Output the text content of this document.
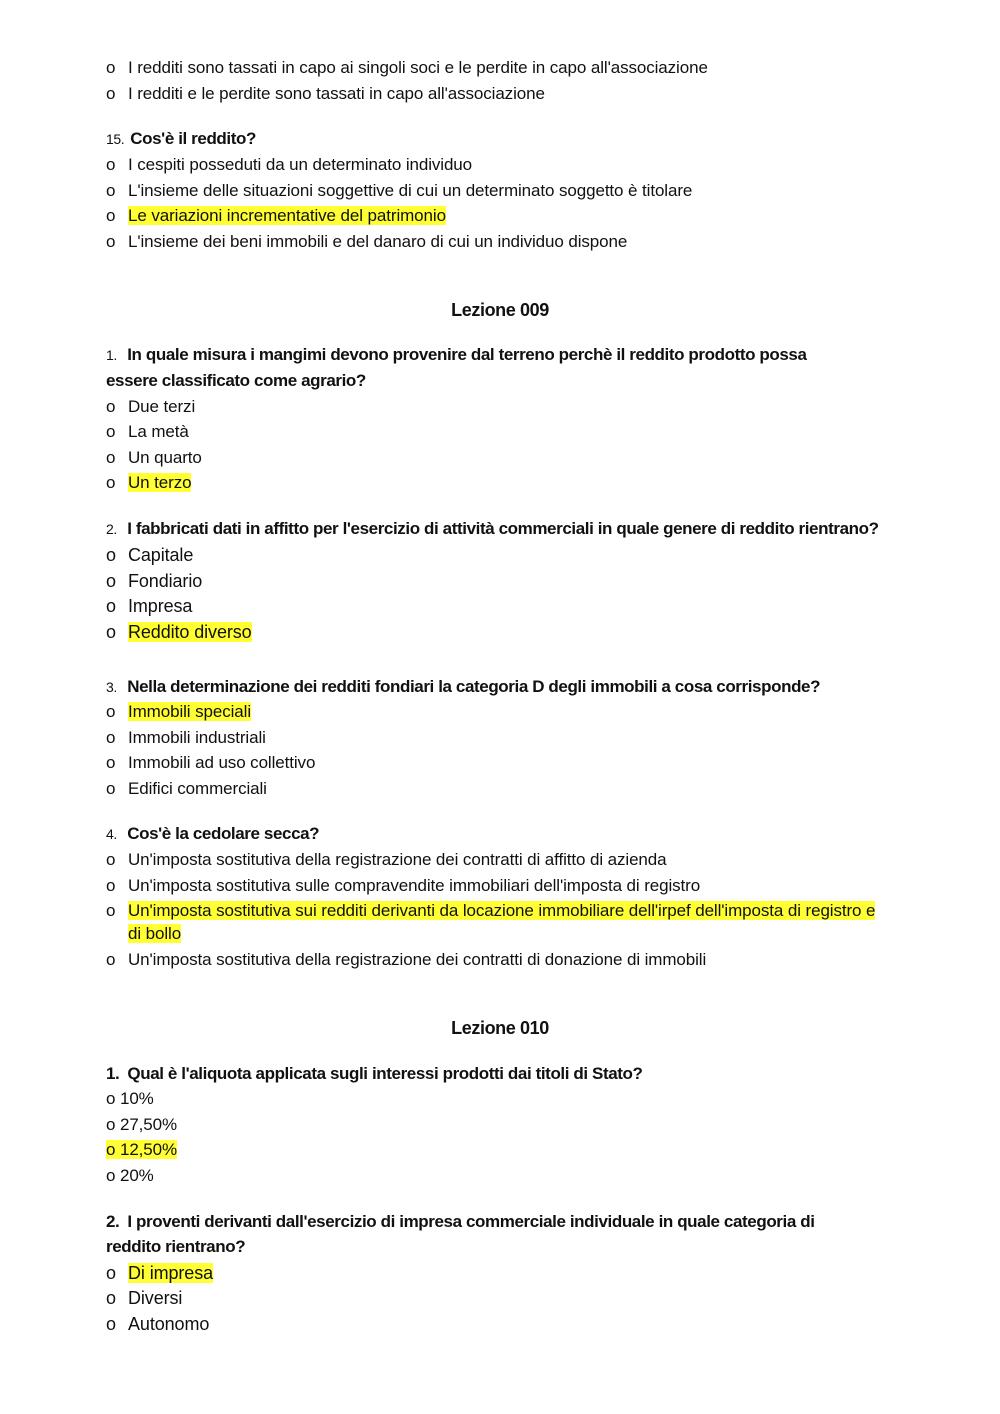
o I redditi sono tassati in capo ai singoli soci e le perdite in capo all'associazione
o I redditi e le perdite sono tassati in capo all'associazione
15. Cos'è il reddito?
o I cespiti posseduti da un determinato individuo
o L'insieme delle situazioni soggettive di cui un determinato soggetto è titolare
o Le variazioni incrementative del patrimonio
o L'insieme dei beni immobili e del danaro di cui un individuo dispone
Lezione 009
1. In quale misura i mangimi devono provenire dal terreno perchè il reddito prodotto possa
essere classificato come agrario?
o Due terzi
o La metà
o Un quarto
o Un terzo
2. I fabbricati dati in affitto per l'esercizio di attività commerciali in quale genere di reddito rientrano?
o Capitale
o Fondiario
o Impresa
o Reddito diverso
3. Nella determinazione dei redditi fondiari la categoria D degli immobili a cosa corrisponde?
o Immobili speciali
o Immobili industriali
o Immobili ad uso collettivo
o Edifici commerciali
4. Cos'è la cedolare secca?
o Un'imposta sostitutiva della registrazione dei contratti di affitto di azienda
o Un'imposta sostitutiva sulle compravendite immobiliari dell'imposta di registro
o Un'imposta sostitutiva sui redditi derivanti da locazione immobiliare dell'irpef dell'imposta di registro e
di bollo
o Un'imposta sostitutiva della registrazione dei contratti di donazione di immobili
Lezione 010
1. Qual è l'aliquota applicata sugli interessi prodotti dai titoli di Stato?
o 10%
o 27,50%
o 12,50%
o 20%
2. I proventi derivanti dall'esercizio di impresa commerciale individuale in quale categoria di
reddito rientrano?
o Di impresa
o Diversi
o Autonomo
